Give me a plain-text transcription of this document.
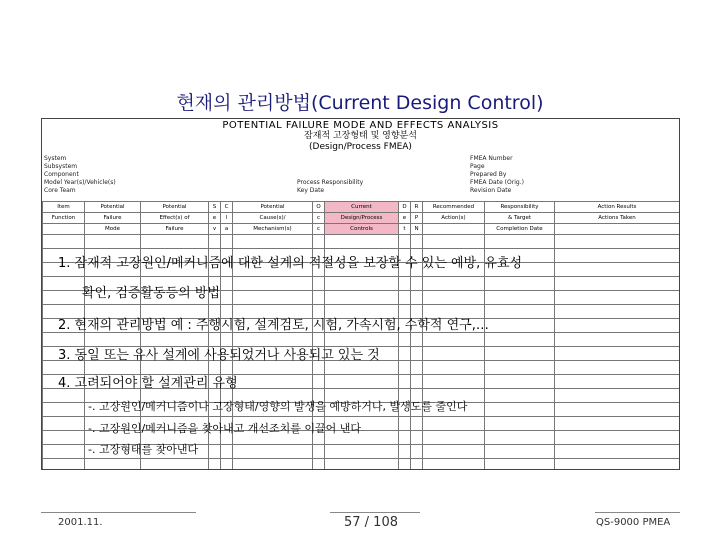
현재의 관리방법(Current Design Control)
POTENTIAL FAILURE MODE AND EFFECTS ANALYSIS
잠재적 고장형태 및 영향분석
(Design/Process FMEA)
System
Subsystem
Component
Model Year(s)/Vehicle(s)
Core Team
Process Responsibility
Key Date
FMEA Number
Page
Prepared By
FMEA Date (Orig.)
Revision Date
Item	Potential	Potential	S	C	Potential	O	Current	D	R	Recommended	Responsibility	Action Results
Function	Failure	Effect(s) of	e	l	Cause(s)/	c	Design/Process	e	P	Action(s)	& Target	Actions Taken
	Mode	Failure	v	a	Mechanism(s)	c	Controls	t	N		Completion Date	

1. 잠재적 고장원인/메커니즘에 대한 설계의 적절성을 보장할 수 있는 예방, 유효성
확인, 검증활동등의 방법
2. 현재의 관리방법 예 : 주행시험, 설계검토, 시험, 가속시험, 수학적 연구,…
3. 동일 또는 유사 설계에 사용되었거나 사용되고 있는 것
4. 고려되어야 할 설계관리 유형
-. 고장원인/메커니즘이나 고장형태/영향의 발생을 예방하거나, 발생도를 줄인다
-. 고장원인/메커니즘을 찾아내고 개선조치를 이끌어 낸다
-. 고장형태를 찾아낸다
2001.11.	57 / 108	QS-9000 PMEA
